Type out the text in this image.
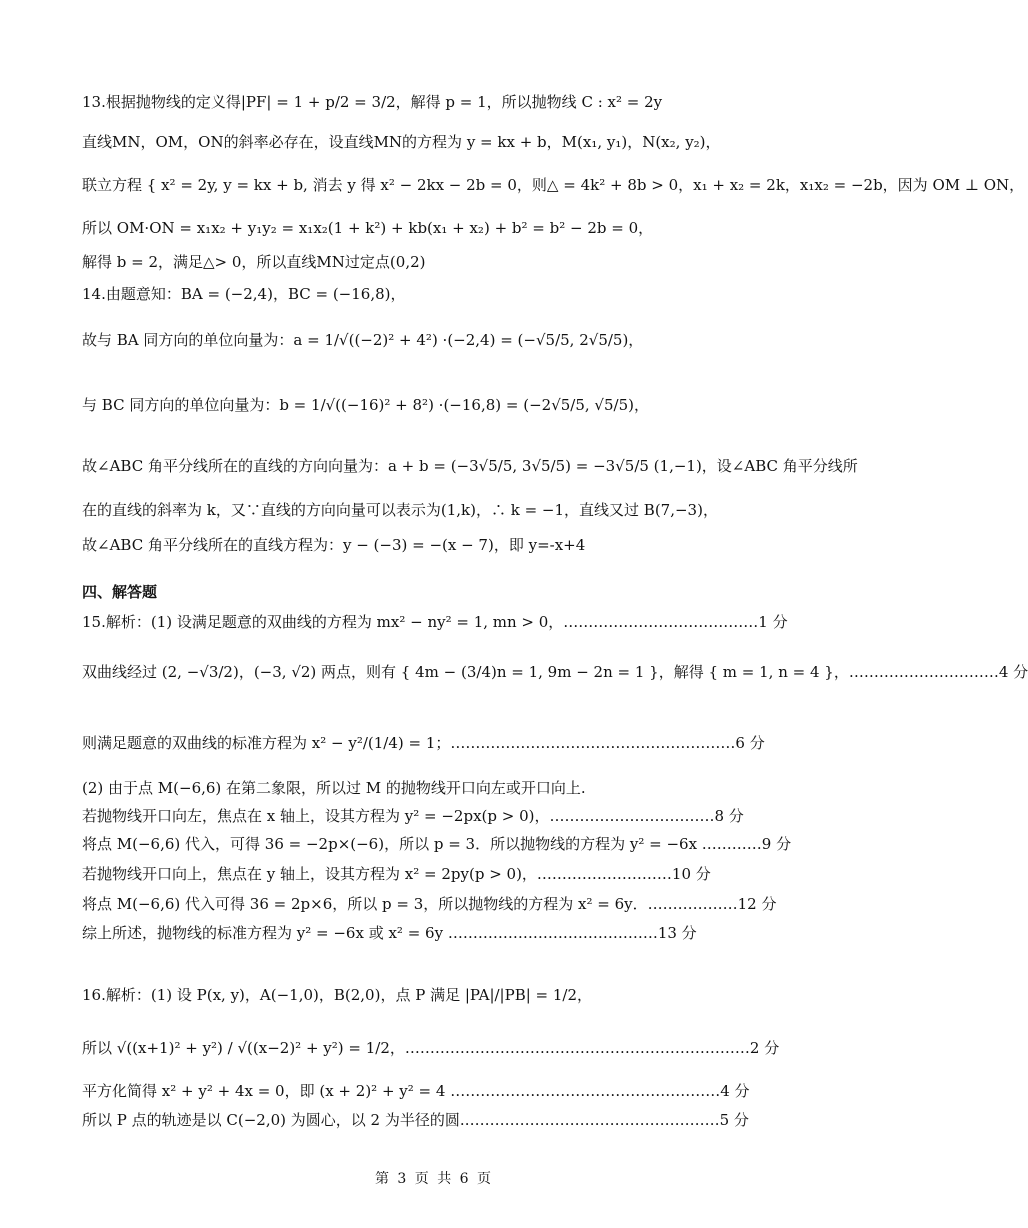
13.根据抛物线的定义得|PF| = 1 + p/2 = 3/2，解得 p = 1，所以抛物线 C : x² = 2y
直线MN，OM，ON的斜率必存在，设直线MN的方程为 y = kx + b，M(x₁, y₁)，N(x₂, y₂)，
联立方程 { x² = 2y, y = kx + b, 消去 y 得 x² − 2kx − 2b = 0，则△ = 4k² + 8b > 0，x₁ + x₂ = 2k，x₁x₂ = −2b，因为 OM ⊥ ON，
所以 OM·ON = x₁x₂ + y₁y₂ = x₁x₂(1 + k²) + kb(x₁ + x₂) + b² = b² − 2b = 0，
解得 b = 2，满足△> 0，所以直线MN过定点(0,2)
14.由题意知：BA = (−2,4)，BC = (−16,8)，
故与 BA 同方向的单位向量为：a = 1/√((−2)² + 4²) ·(−2,4) = (−√5/5, 2√5/5)，
与 BC 同方向的单位向量为：b = 1/√((−16)² + 8²) ·(−16,8) = (−2√5/5, √5/5)，
故∠ABC 角平分线所在的直线的方向向量为：a + b = (−3√5/5, 3√5/5) = −3√5/5 (1,−1)，设∠ABC 角平分线所
在的直线的斜率为 k，又∵直线的方向向量可以表示为(1,k)，∴ k = −1，直线又过 B(7,−3)，
故∠ABC 角平分线所在的直线方程为：y − (−3) = −(x − 7)，即 y=-x+4
四、解答题
15.解析：(1) 设满足题意的双曲线的方程为 mx² − ny² = 1, mn > 0，…………………………………1 分
双曲线经过 (2, −√3/2)，(−3, √2) 两点，则有 { 4m − (3/4)n = 1, 9m − 2n = 1 }，解得 { m = 1, n = 4 }，…………………………4 分
则满足题意的双曲线的标准方程为 x² − y²/(1/4) = 1；…………………………………………………6 分
(2) 由于点 M(−6,6) 在第二象限，所以过 M 的抛物线开口向左或开口向上.
若抛物线开口向左，焦点在 x 轴上，设其方程为 y² = −2px(p > 0)，……………………………8 分
将点 M(−6,6) 代入，可得 36 = −2p×(−6)，所以 p = 3．所以抛物线的方程为 y² = −6x …………9 分
若抛物线开口向上，焦点在 y 轴上，设其方程为 x² = 2py(p > 0)，………………………10 分
将点 M(−6,6) 代入可得 36 = 2p×6，所以 p = 3，所以抛物线的方程为 x² = 6y．………………12 分
综上所述，抛物线的标准方程为 y² = −6x 或 x² = 6y ……………………………………13 分
16.解析：(1) 设 P(x, y)，A(−1,0)，B(2,0)，点 P 满足 |PA|/|PB| = 1/2，
所以 √((x+1)² + y²) / √((x−2)² + y²) = 1/2，……………………………………………………………2 分
平方化简得 x² + y² + 4x = 0，即 (x + 2)² + y² = 4 ………………………………………………4 分
所以 P 点的轨迹是以 C(−2,0) 为圆心，以 2 为半径的圆.……………………………………………5 分
第 3 页 共 6 页
